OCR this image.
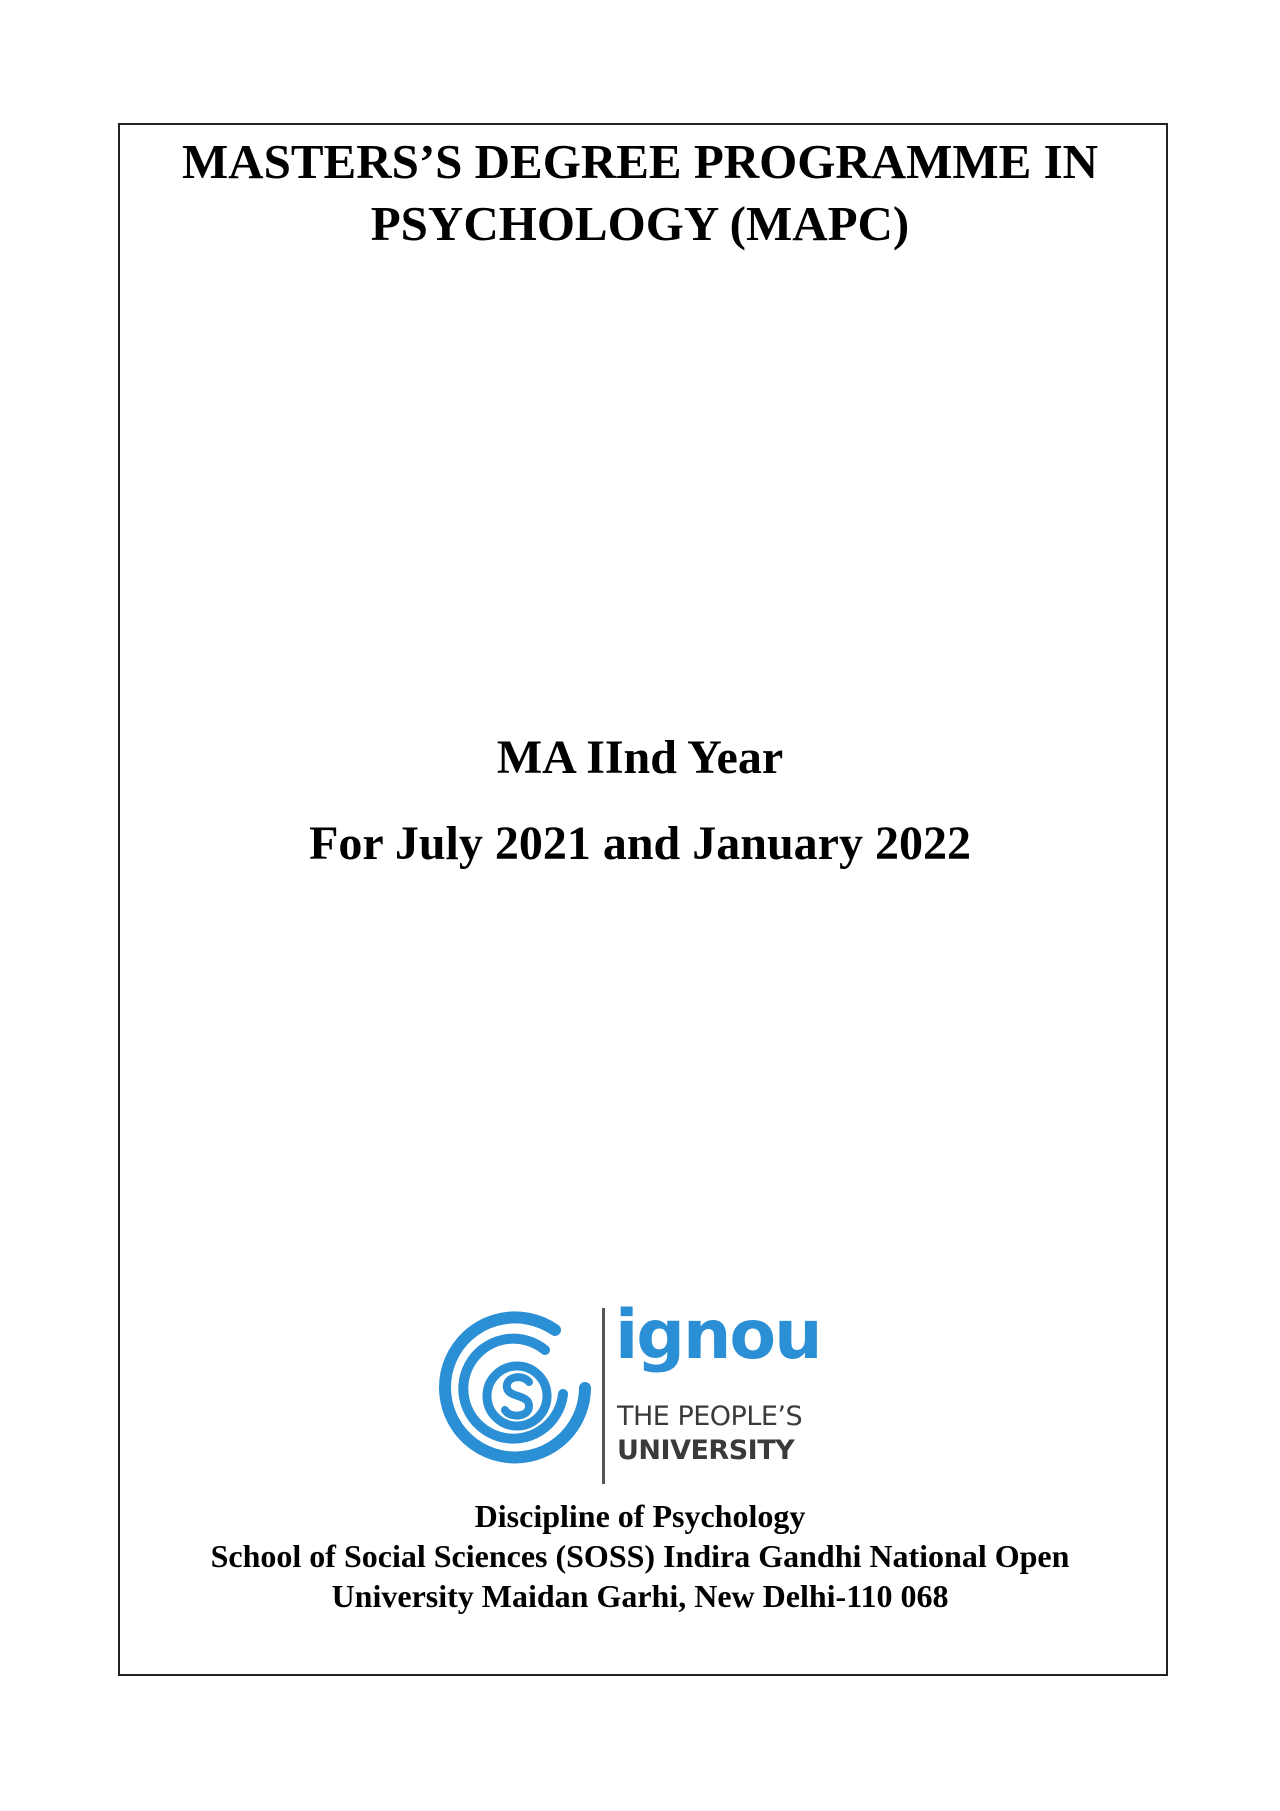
MASTERS’S DEGREE PROGRAMME IN
PSYCHOLOGY (MAPC)

MA IInd Year

For July 2021 and January 2022

ignou
THE PEOPLE’S
UNIVERSITY

Discipline of Psychology
School of Social Sciences (SOSS) Indira Gandhi National Open
University Maidan Garhi, New Delhi-110 068
